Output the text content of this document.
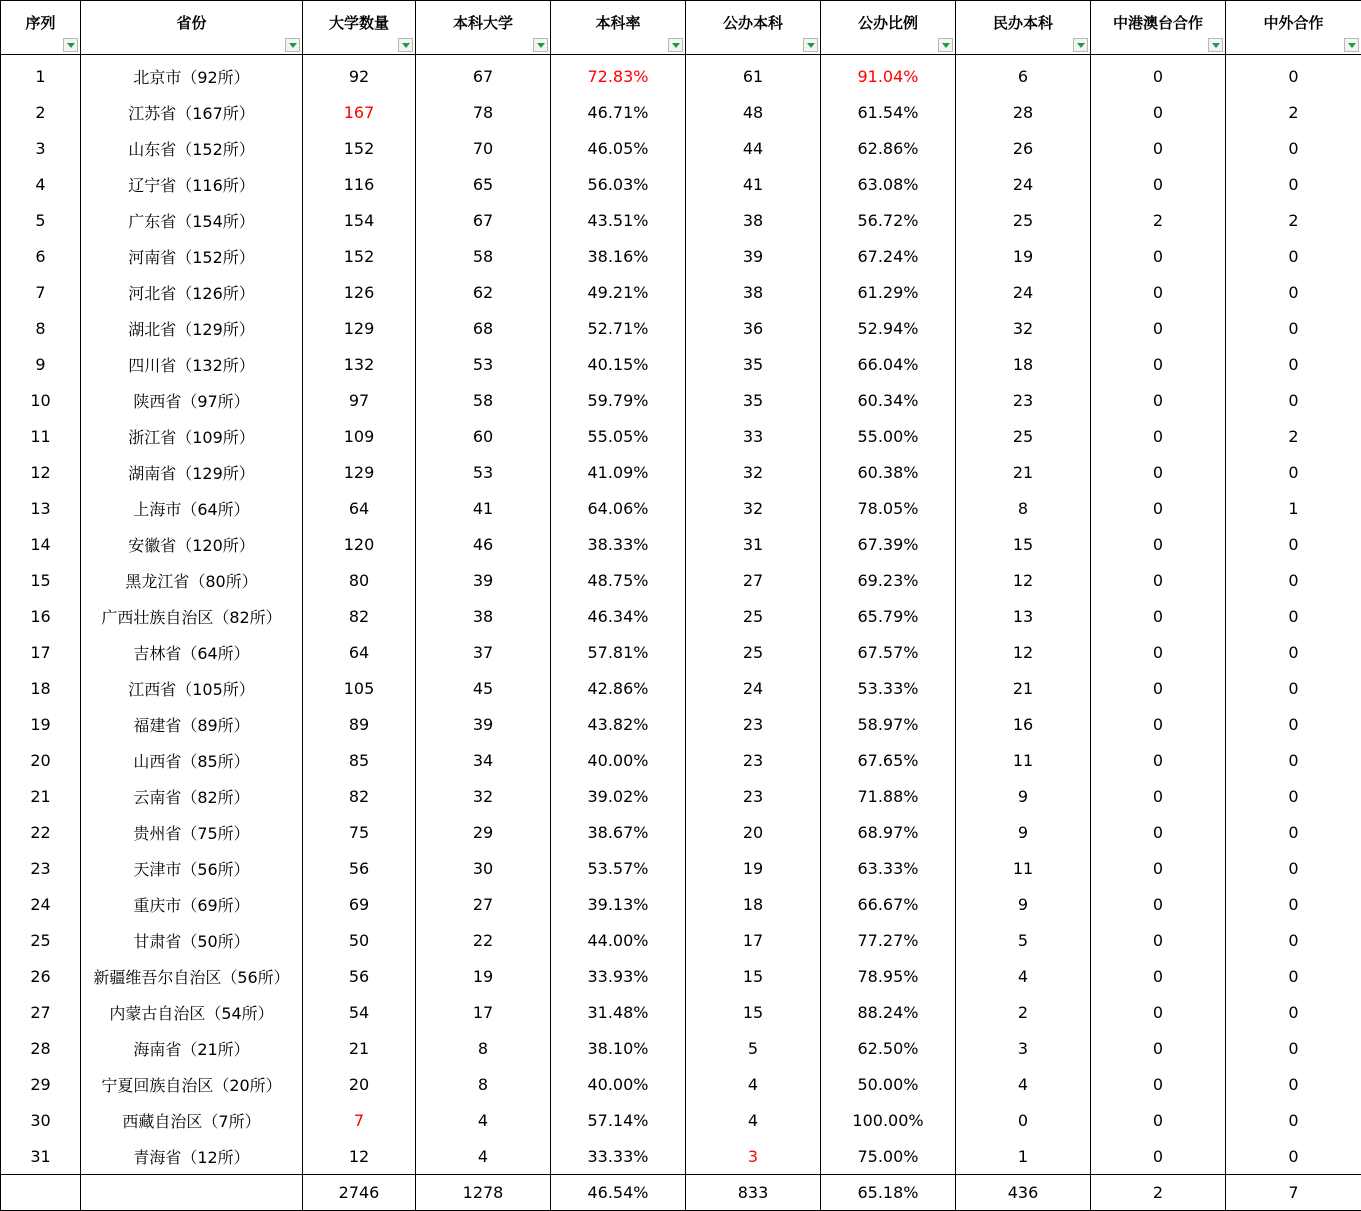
序列	省份	大学数量	本科大学	本科率	公办本科	公办比例	民办本科	中港澳台合作	中外合作

1	北京市（92所）	92	67	72.83%	61	91.04%	6	0	0
2	江苏省（167所）	167	78	46.71%	48	61.54%	28	0	2
3	山东省（152所）	152	70	46.05%	44	62.86%	26	0	0
4	辽宁省（116所）	116	65	56.03%	41	63.08%	24	0	0
5	广东省（154所）	154	67	43.51%	38	56.72%	25	2	2
6	河南省（152所）	152	58	38.16%	39	67.24%	19	0	0
7	河北省（126所）	126	62	49.21%	38	61.29%	24	0	0
8	湖北省（129所）	129	68	52.71%	36	52.94%	32	0	0
9	四川省（132所）	132	53	40.15%	35	66.04%	18	0	0
10	陕西省（97所）	97	58	59.79%	35	60.34%	23	0	0
11	浙江省（109所）	109	60	55.05%	33	55.00%	25	0	2
12	湖南省（129所）	129	53	41.09%	32	60.38%	21	0	0
13	上海市（64所）	64	41	64.06%	32	78.05%	8	0	1
14	安徽省（120所）	120	46	38.33%	31	67.39%	15	0	0
15	黑龙江省（80所）	80	39	48.75%	27	69.23%	12	0	0
16	广西壮族自治区（82所）	82	38	46.34%	25	65.79%	13	0	0
17	吉林省（64所）	64	37	57.81%	25	67.57%	12	0	0
18	江西省（105所）	105	45	42.86%	24	53.33%	21	0	0
19	福建省（89所）	89	39	43.82%	23	58.97%	16	0	0
20	山西省（85所）	85	34	40.00%	23	67.65%	11	0	0
21	云南省（82所）	82	32	39.02%	23	71.88%	9	0	0
22	贵州省（75所）	75	29	38.67%	20	68.97%	9	0	0
23	天津市（56所）	56	30	53.57%	19	63.33%	11	0	0
24	重庆市（69所）	69	27	39.13%	18	66.67%	9	0	0
25	甘肃省（50所）	50	22	44.00%	17	77.27%	5	0	0
26	新疆维吾尔自治区（56所）	56	19	33.93%	15	78.95%	4	0	0
27	内蒙古自治区（54所）	54	17	31.48%	15	88.24%	2	0	0
28	海南省（21所）	21	8	38.10%	5	62.50%	3	0	0
29	宁夏回族自治区（20所）	20	8	40.00%	4	50.00%	4	0	0
30	西藏自治区（7所）	7	4	57.14%	4	100.00%	0	0	0
31	青海省（12所）	12	4	33.33%	3	75.00%	1	0	0
		2746	1278	46.54%	833	65.18%	436	2	7
